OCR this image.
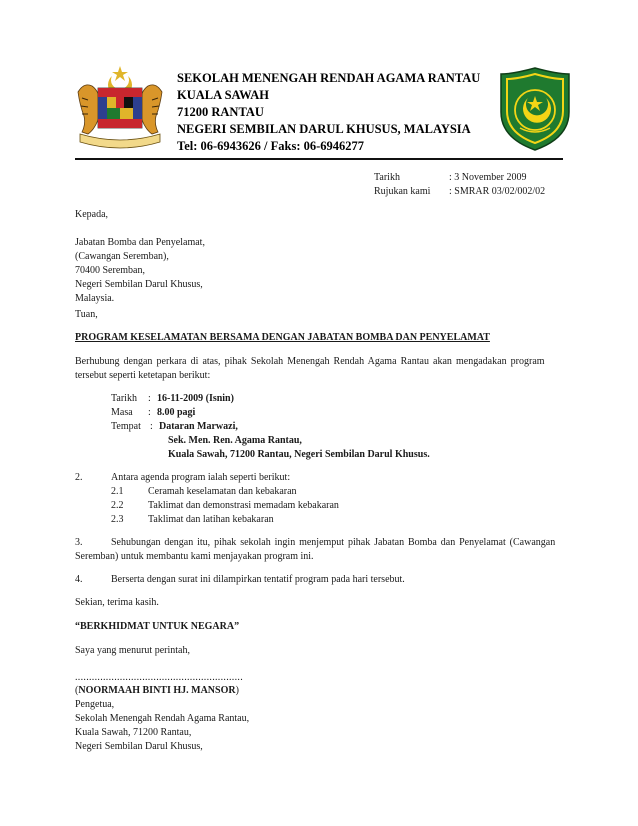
SEKOLAH MENENGAH RENDAH AGAMA RANTAU
KUALA SAWAH
71200 RANTAU
NEGERI SEMBILAN DARUL KHUSUS, MALAYSIA
Tel: 06-6943626 / Faks: 06-6946277
Tarikh	: 3 November 2009
Rujukan kami : SMRAR 03/02/002/02
Kepada,
Jabatan Bomba dan Penyelamat,
(Cawangan Seremban),
70400 Seremban,
Negeri Sembilan Darul Khusus,
Malaysia.
Tuan,
PROGRAM KESELAMATAN BERSAMA DENGAN JABATAN BOMBA DAN PENYELAMAT
Berhubung dengan perkara di atas, pihak Sekolah Menengah Rendah Agama Rantau akan mengadakan program
tersebut seperti ketetapan berikut:
Tarikh : 16-11-2009 (Isnin)
Masa : 8.00 pagi
Tempat : Dataran Marwazi,
Sek. Men. Ren. Agama Rantau,
Kuala Sawah, 71200 Rantau, Negeri Sembilan Darul Khusus.
2.	Antara agenda program ialah seperti berikut:
2.1 Ceramah keselamatan dan kebakaran
2.2 Taklimat dan demonstrasi memadam kebakaran
2.3 Taklimat dan latihan kebakaran
3.	Sehubungan dengan itu, pihak sekolah ingin menjemput pihak Jabatan Bomba dan Penyelamat (Cawangan
Seremban) untuk membantu kami menjayakan program ini.
4.	Berserta dengan surat ini dilampirkan tentatif program pada hari tersebut.
Sekian, terima kasih.
“BERKHIDMAT UNTUK NEGARA”
Saya yang menurut perintah,
............................................................
(NOORMAAH BINTI HJ. MANSOR)
Pengetua,
Sekolah Menengah Rendah Agama Rantau,
Kuala Sawah, 71200 Rantau,
Negeri Sembilan Darul Khusus,
